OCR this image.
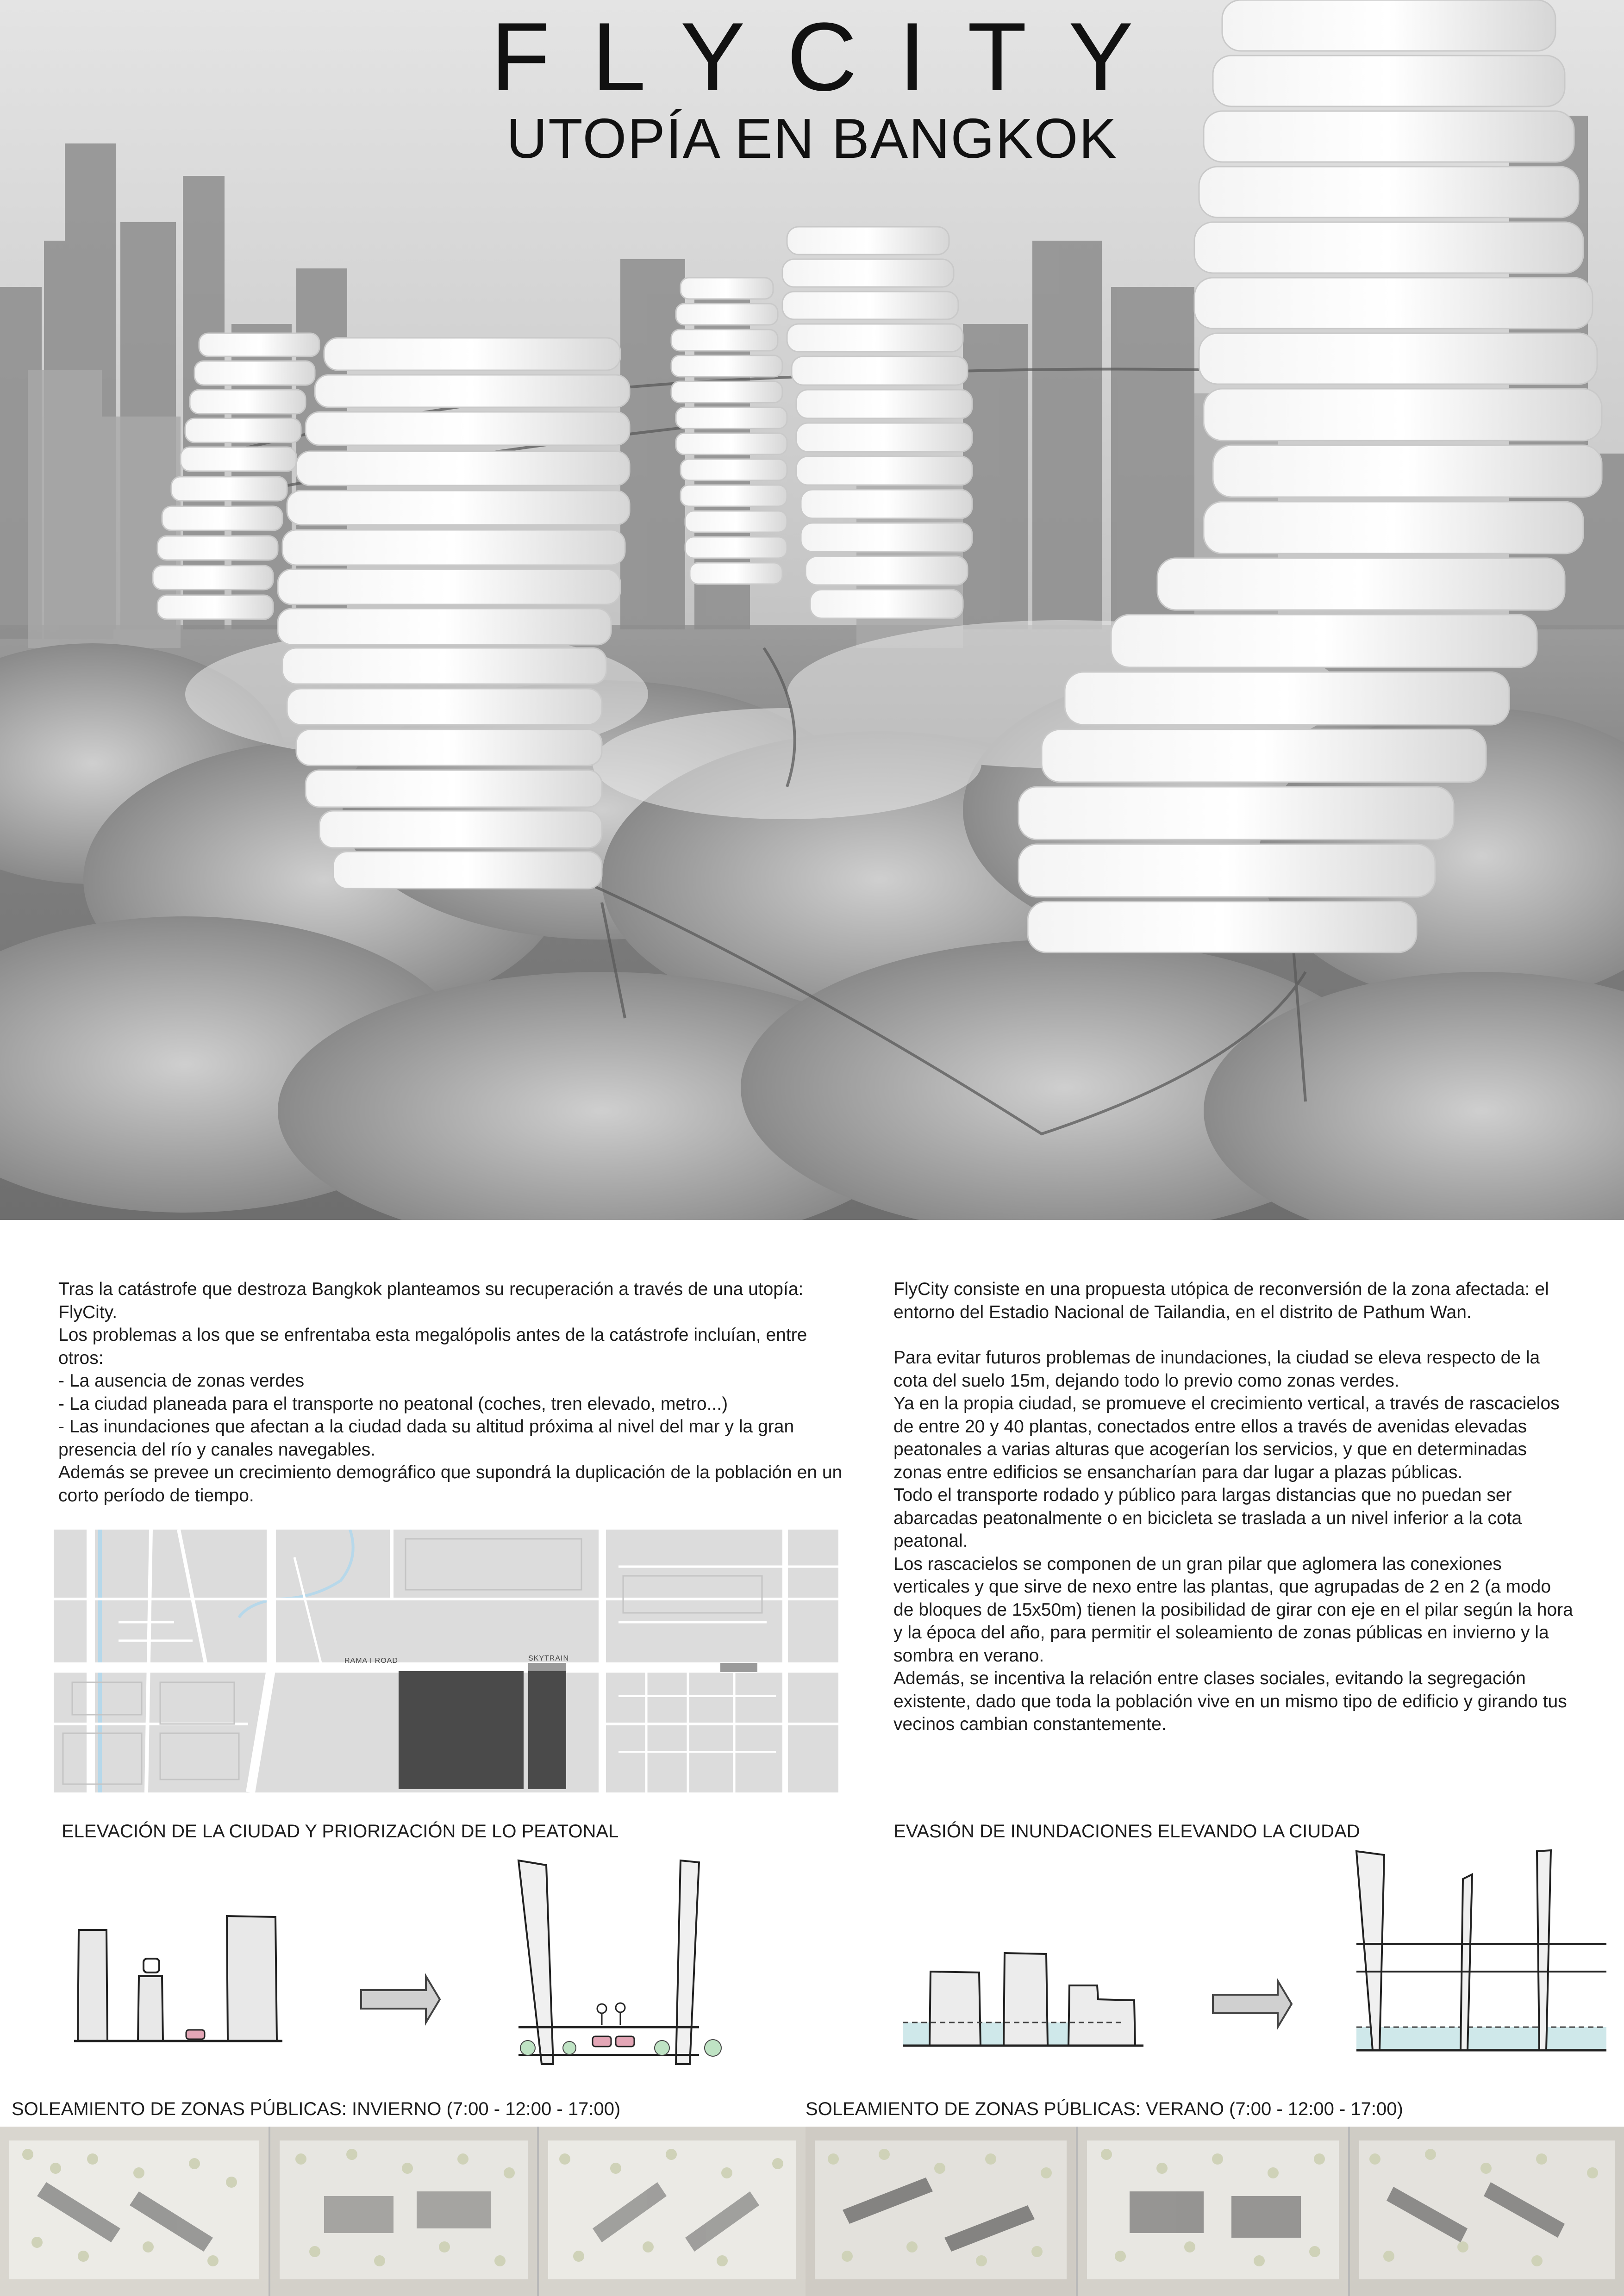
FLYCITY
UTOPÍA EN BANGKOK

Tras la catástrofe que destroza Bangkok planteamos su recuperación a través de una utopía: FlyCity.

Los problemas a los que se enfrentaba esta megalópolis antes de la catástrofe incluían, entre otros:

- La ausencia de zonas verdes

- La ciudad planeada para el transporte no peatonal (coches, tren elevado, metro...)

- Las inundaciones que afectan a la ciudad dada su altitud próxima al nivel del mar y la gran presencia del río y canales navegables.

Además se prevee un crecimiento demográfico que supondrá la duplicación de la población en un corto período de tiempo.

FlyCity consiste en una propuesta utópica de reconversión de la zona afectada: el entorno del Estadio Nacional de Tailandia, en el distrito de Pathum Wan.

Para evitar futuros problemas de inundaciones, la ciudad se eleva respecto de la cota del suelo 15m, dejando todo lo previo como zonas verdes.

Ya en la propia ciudad, se promueve el crecimiento vertical, a través de rascacielos de entre 20 y 40 plantas, conectados entre ellos a través de avenidas elevadas peatonales a varias alturas que acogerían los servicios, y que en determinadas zonas entre edificios se ensancharían para dar lugar a plazas públicas.

Todo el transporte rodado y público para largas distancias que no puedan ser abarcadas peatonalmente o en bicicleta se traslada a un nivel inferior a la cota peatonal.

Los rascacielos se componen de un gran pilar que aglomera las conexiones verticales y que sirve de nexo entre las plantas, que agrupadas de 2 en 2 (a modo de bloques de 15x50m) tienen la posibilidad de girar con eje en el pilar según la hora y la época del año, para permitir el soleamiento de zonas públicas en invierno y la sombra en verano.

Además, se incentiva la relación entre clases sociales, evitando la segregación existente, dado que toda la población vive en un mismo tipo de edificio y girando tus vecinos cambian constantemente.

RAMA I ROAD	SKYTRAIN
ELEVACIÓN DE LA CIUDAD Y PRIORIZACIÓN DE LO PEATONAL	EVASIÓN DE INUNDACIONES ELEVANDO LA CIUDAD
SOLEAMIENTO DE ZONAS PÚBLICAS: INVIERNO (7:00 - 12:00 - 17:00)	SOLEAMIENTO DE ZONAS PÚBLICAS: VERANO (7:00 - 12:00 - 17:00)
